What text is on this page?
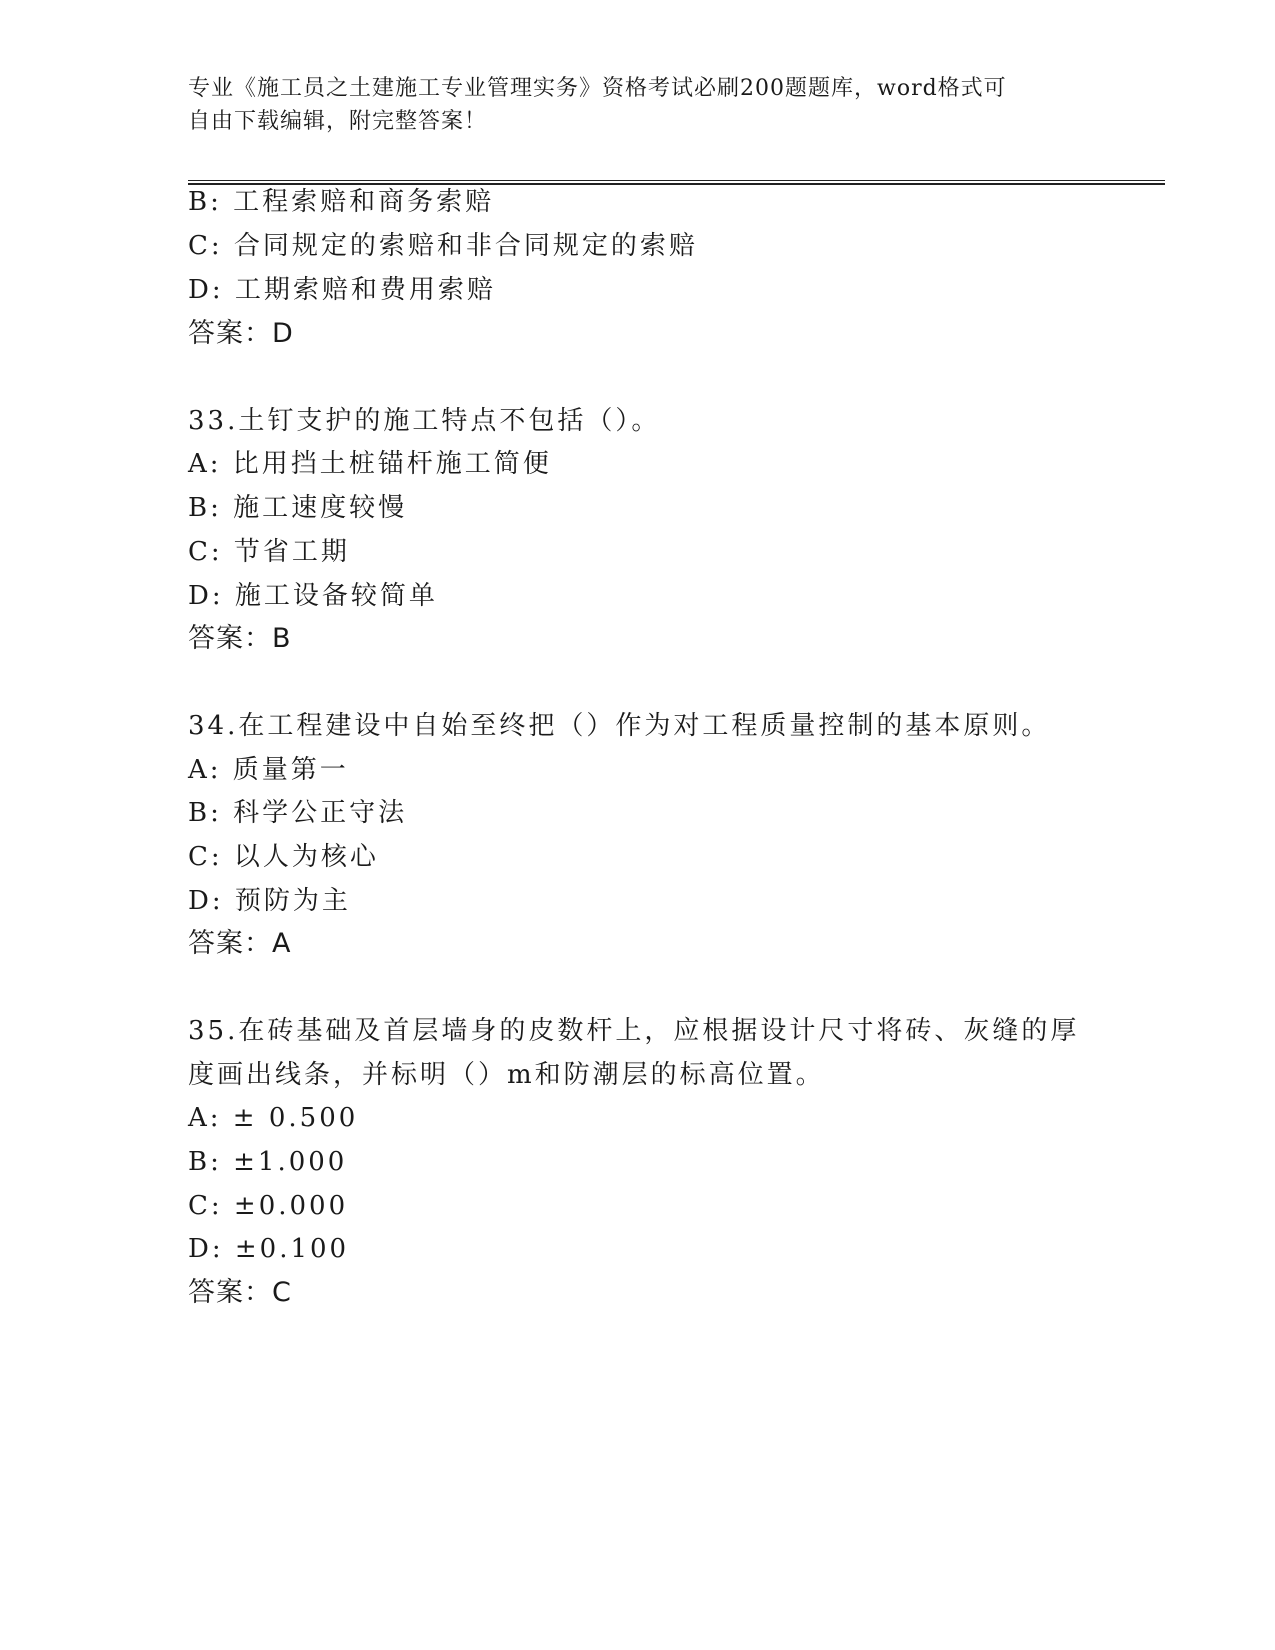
专业《施工员之土建施工专业管理实务》资格考试必刷200题题库，word格式可
自由下载编辑，附完整答案！
B: 工程索赔和商务索赔
C: 合同规定的索赔和非合同规定的索赔
D: 工期索赔和费用索赔
答案：D
33.土钉支护的施工特点不包括（）。
A: 比用挡土桩锚杆施工简便
B: 施工速度较慢
C: 节省工期
D: 施工设备较简单
答案：B
34.在工程建设中自始至终把（）作为对工程质量控制的基本原则。
A: 质量第一
B: 科学公正守法
C: 以人为核心
D: 预防为主
答案：A
35.在砖基础及首层墙身的皮数杆上，应根据设计尺寸将砖、灰缝的厚
度画出线条，并标明（）m和防潮层的标高位置。
A: ± 0.500
B: ±1.000
C: ±0.000
D: ±0.100
答案：C
